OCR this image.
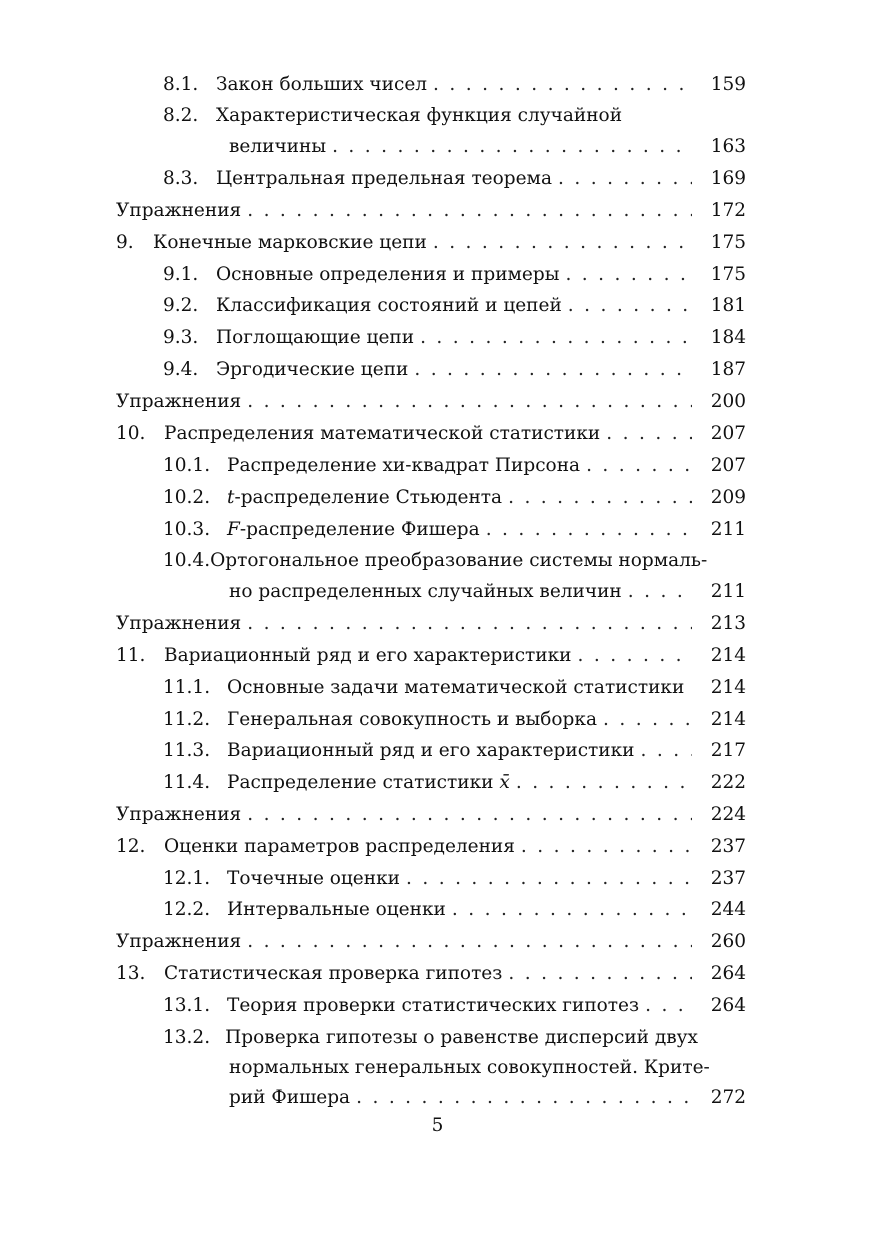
8.1. Закон больших чисел . . .	159
8.2. Характеристическая функция случайной
величины . . .	163
8.3. Центральная предельная теорема . . .	169
Упражнения . . .	172
9.	Конечные марковские цепи . . .	175
9.1. Основные определения и примеры . . .	175
9.2. Классификация состояний и цепей . . .	181
9.3. Поглощающие цепи . . .	184
9.4. Эргодические цепи . . .	187
Упражнения . . .	200
10.	Распределения математической статистики . . .	207
10.1. Распределение хи-квадрат Пирсона . . .	207
10.2. t -распределение Стьюдента . . .	209
10.3. F -распределение Фишера . . .	211
10.4. Ортогональное преобразование системы нормаль-
но распределенных случайных величин . . .	211
Упражнения . . .	213
11.	Вариационный ряд и его характеристики . . .	214
11.1. Основные задачи математической статистики . . .	214
11.2. Генеральная совокупность и выборка . . .	214
11.3. Вариационный ряд и его характеристики . . .	217
11.4. Распределение статистики x̄ . . .	222
Упражнения . . .	224
12.	Оценки параметров распределения . . .	237
12.1. Точечные оценки . . .	237
12.2. Интервальные оценки . . .	244
Упражнения . . .	260
13.	Статистическая проверка гипотез . . .	264
13.1. Теория проверки статистических гипотез . . .	264
13.2. Проверка гипотезы о равенстве дисперсий двух
нормальных генеральных совокупностей. Крите-
рий Фишера . . .	272
5
